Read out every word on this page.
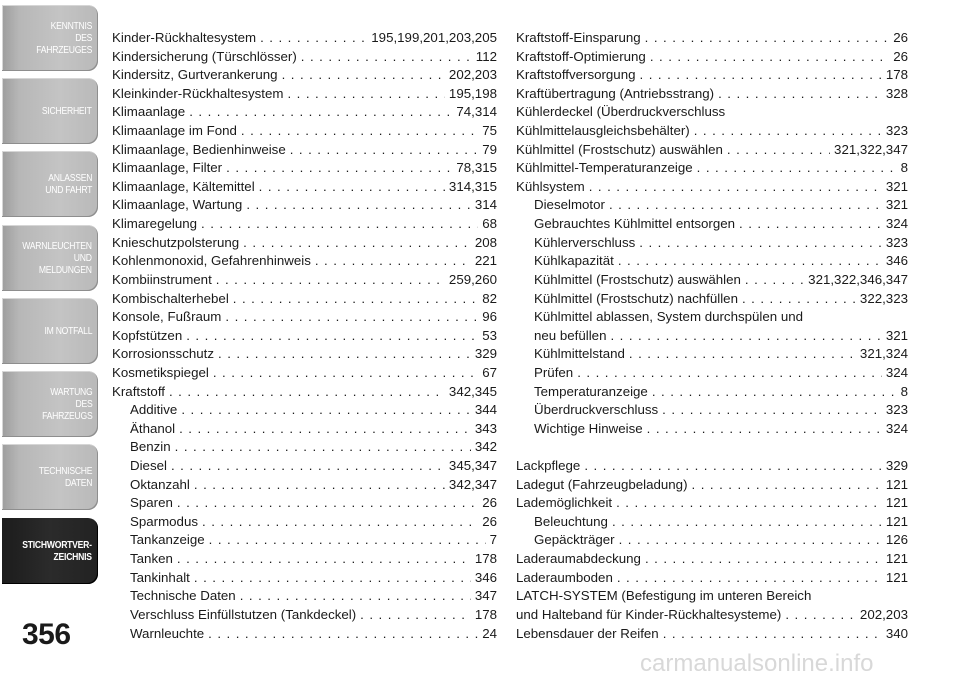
KENNTNIS
DES
FAHRZEUGES
SICHERHEIT
ANLASSEN
UND FAHRT
WARNLEUCHTEN
UND
MELDUNGEN
IM NOTFALL
WARTUNG
DES
FAHRZEUGS
TECHNISCHE
DATEN
STICHWORTVER-
ZEICHNIS
356
Kinder-Rückhaltesystem . . .	195,199,201,203,205
Kindersicherung (Türschlösser) . . .	112
Kindersitz, Gurtverankerung . . .	202,203
Kleinkinder-Rückhaltesystem . . .	195,198
Klimaanlage . . .	74,314
Klimaanlage im Fond . . .	75
Klimaanlage, Bedienhinweise . . .	79
Klimaanlage, Filter . . .	78,315
Klimaanlage, Kältemittel . . .	314,315
Klimaanlage, Wartung . . .	314
Klimaregelung . . .	68
Knieschutzpolsterung . . .	208
Kohlenmonoxid, Gefahrenhinweis . . .	221
Kombiinstrument . . .	259,260
Kombischalterhebel . . .	82
Konsole, Fußraum . . .	96
Kopfstützen . . .	53
Korrosionsschutz . . .	329
Kosmetikspiegel . . .	67
Kraftstoff . . .	342,345
Additive . . .	344
Äthanol . . .	343
Benzin . . .	342
Diesel . . .	345,347
Oktanzahl . . .	342,347
Sparen . . .	26
Sparmodus . . .	26
Tankanzeige . . .	7
Tanken . . .	178
Tankinhalt . . .	346
Technische Daten . . .	347
Verschluss Einfüllstutzen (Tankdeckel) . . .	178
Warnleuchte . . .	24
Kraftstoff-Einsparung . . .	26
Kraftstoff-Optimierung . . .	26
Kraftstoffversorgung . . .	178
Kraftübertragung (Antriebsstrang) . . .	328
Kühlerdeckel (Überdruckverschluss
Kühlmittelausgleichsbehälter) . . .	323
Kühlmittel (Frostschutz) auswählen . . .	321,322,347
Kühlmittel-Temperaturanzeige . . .	8
Kühlsystem . . .	321
Dieselmotor . . .	321
Gebrauchtes Kühlmittel entsorgen . . .	324
Kühlerverschluss . . .	323
Kühlkapazität . . .	346
Kühlmittel (Frostschutz) auswählen . . .	321,322,346,347
Kühlmittel (Frostschutz) nachfüllen . . .	322,323
Kühlmittel ablassen, System durchspülen und
neu befüllen . . .	321
Kühlmittelstand . . .	321,324
Prüfen . . .	324
Temperaturanzeige . . .	8
Überdruckverschluss . . .	323
Wichtige Hinweise . . .	324
Lackpflege . . .	329
Ladegut (Fahrzeugbeladung) . . .	121
Lademöglichkeit . . .	121
Beleuchtung . . .	121
Gepäckträger . . .	126
Laderaumabdeckung . . .	121
Laderaumboden . . .	121
LATCH-SYSTEM (Befestigung im unteren Bereich
und Halteband für Kinder-Rückhaltesysteme) . . .	202,203
Lebensdauer der Reifen . . .	340
carmanualsonline.info
